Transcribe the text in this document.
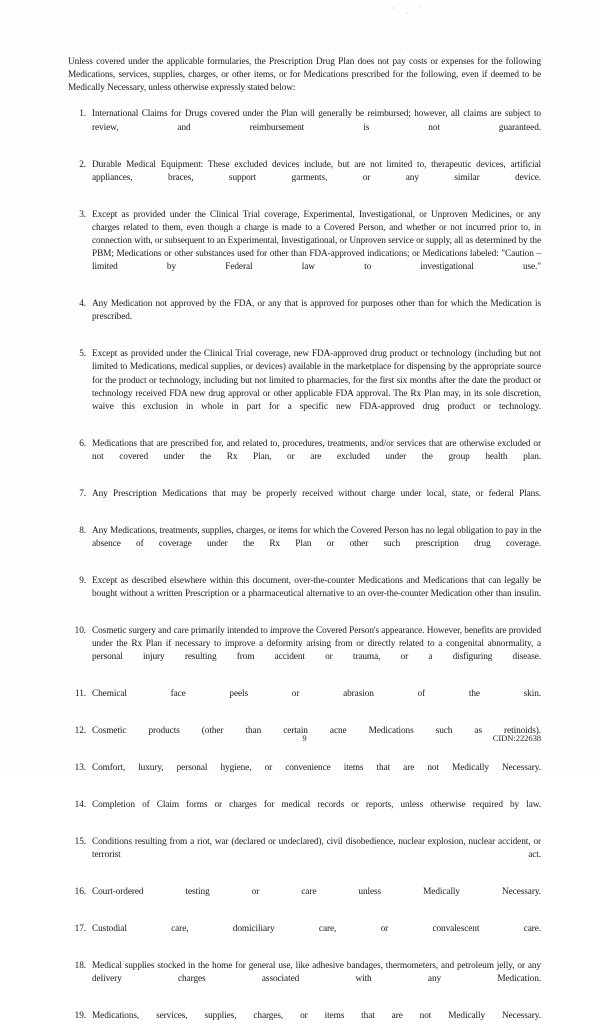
Unless covered under the applicable formularies, the Prescription Drug Plan does not pay costs or expenses for the following Medications, services, supplies, charges, or other items, or for Medications prescribed for the following, even if deemed to be Medically Necessary, unless otherwise expressly stated below:

1. International Claims for Drugs covered under the Plan will generally be reimbursed; however, all claims are subject to review, and reimbursement is not guaranteed.
2. Durable Medical Equipment: These excluded devices include, but are not limited to, therapeutic devices, artificial appliances, braces, support garments, or any similar device.
3. Except as provided under the Clinical Trial coverage, Experimental, Investigational, or Unproven Medicines, or any charges related to them, even though a charge is made to a Covered Person, and whether or not incurred prior to, in connection with, or subsequent to an Experimental, Investigational, or Unproven service or supply, all as determined by the PBM; Medications or other substances used for other than FDA-approved indications; or Medications labeled: "Caution – limited by Federal law to investigational use."
4. Any Medication not approved by the FDA, or any that is approved for purposes other than for which the Medication is prescribed.
5. Except as provided under the Clinical Trial coverage, new FDA-approved drug product or technology (including but not limited to Medications, medical supplies, or devices) available in the marketplace for dispensing by the appropriate source for the product or technology, including but not limited to pharmacies, for the first six months after the date the product or technology received FDA new drug approval or other applicable FDA approval. The Rx Plan may, in its sole discretion, waive this exclusion in whole in part for a specific new FDA-approved drug product or technology.
6. Medications that are prescribed for, and related to, procedures, treatments, and/or services that are otherwise excluded or not covered under the Rx Plan, or are excluded under the group health plan.
7. Any Prescription Medications that may be properly received without charge under local, state, or federal Plans.
8. Any Medications, treatments, supplies, charges, or items for which the Covered Person has no legal obligation to pay in the absence of coverage under the Rx Plan or other such prescription drug coverage.
9. Except as described elsewhere within this document, over-the-counter Medications and Medications that can legally be bought without a written Prescription or a pharmaceutical alternative to an over-the-counter Medication other than insulin.
10. Cosmetic surgery and care primarily intended to improve the Covered Person's appearance. However, benefits are provided under the Rx Plan if necessary to improve a deformity arising from or directly related to a congenital abnormality, a personal injury resulting from accident or trauma, or a disfiguring disease.
11. Chemical face peels or abrasion of the skin.
12. Cosmetic products (other than certain acne Medications such as retinoids).
13. Comfort, luxury, personal hygiene, or convenience items that are not Medically Necessary.
14. Completion of Claim forms or charges for medical records or reports, unless otherwise required by law.
15. Conditions resulting from a riot, war (declared or undeclared), civil disobedience, nuclear explosion, nuclear accident, or terrorist act.
16. Court-ordered testing or care unless Medically Necessary.
17. Custodial care, domiciliary care, or convalescent care.
18. Medical supplies stocked in the home for general use, like adhesive bandages, thermometers, and petroleum jelly, or any delivery charges associated with any Medication.
19. Medications, services, supplies, charges, or items that are not Medically Necessary.
9	CIDN:222638
